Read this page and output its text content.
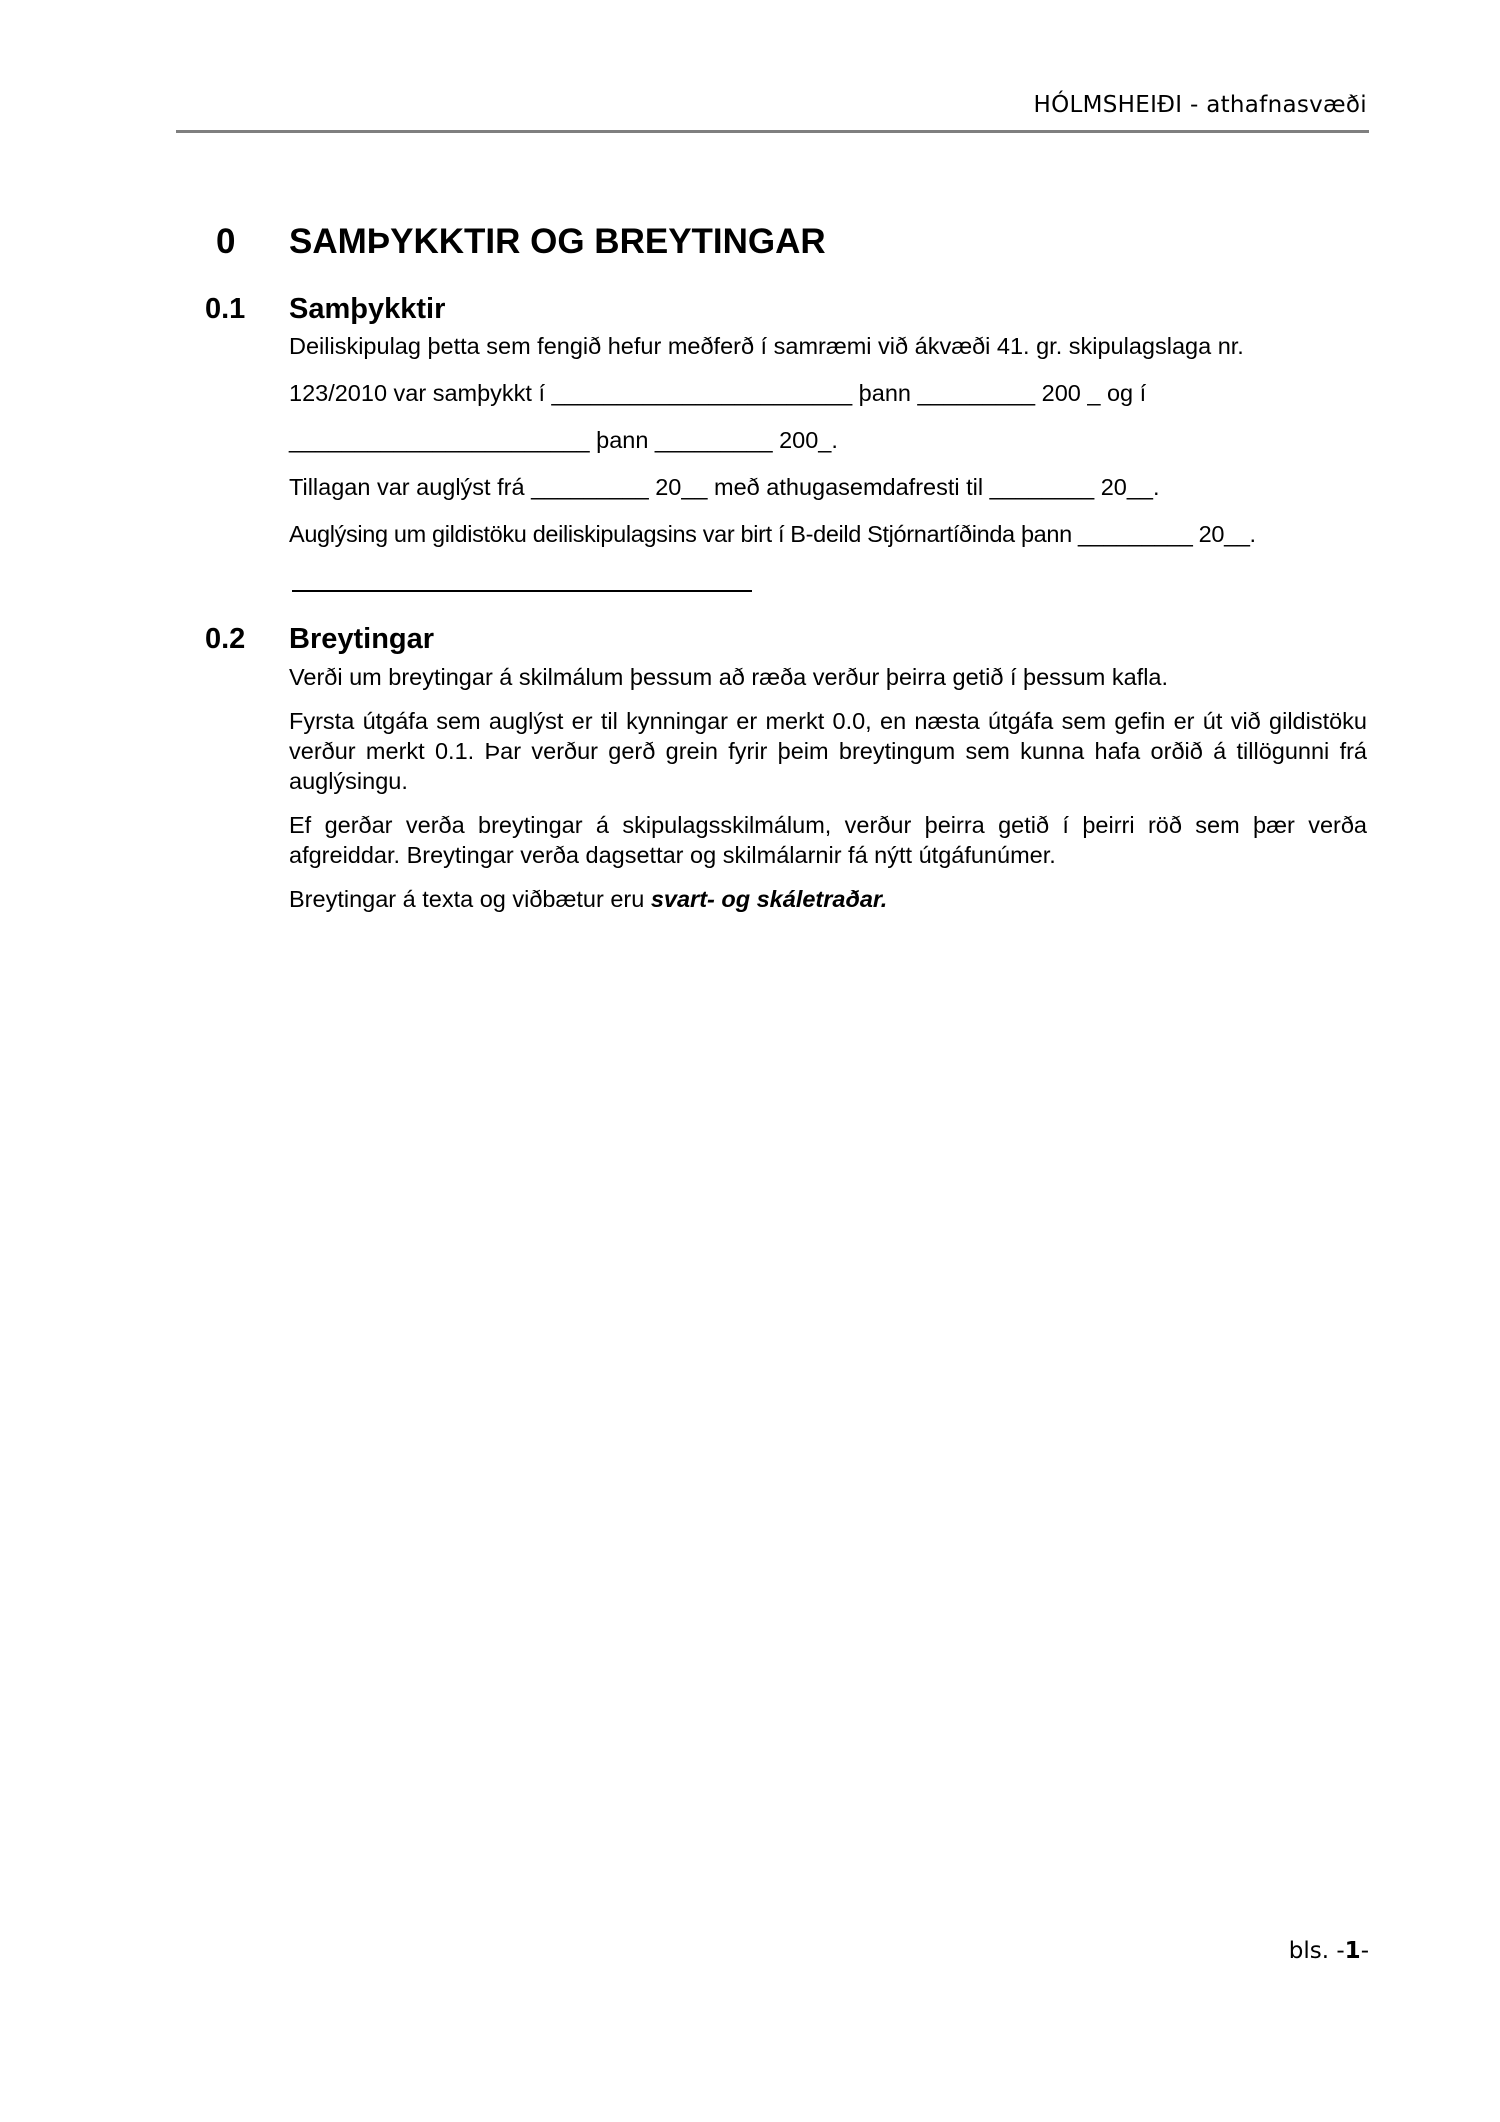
HÓLMSHEIÐI - athafnasvæði
0 SAMÞYKKTIR OG BREYTINGAR
0.1 Samþykktir
Deiliskipulag þetta sem fengið hefur meðferð í samræmi við ákvæði 41. gr. skipulagslaga nr.
123/2010 var samþykkt í _______________________ þann _________ 200 _ og í
_______________________ þann _________ 200_.
Tillagan var auglýst frá _________ 20__ með athugasemdafresti til ________ 20__.
Auglýsing um gildistöku deiliskipulagsins var birt í B-deild Stjórnartíðinda þann _________ 20__.
0.2 Breytingar

Verði um breytingar á skilmálum þessum að ræða verður þeirra getið í þessum kafla.

Fyrsta útgáfa sem auglýst er til kynningar er merkt 0.0, en næsta útgáfa sem gefin er út við gildistöku verður merkt 0.1. Þar verður gerð grein fyrir þeim breytingum sem kunna hafa orðið á tillögunni frá auglýsingu.

Ef gerðar verða breytingar á skipulagsskilmálum, verður þeirra getið í þeirri röð sem þær verða afgreiddar. Breytingar verða dagsettar og skilmálarnir fá nýtt útgáfunúmer.

Breytingar á texta og viðbætur eru svart- og skáletraðar.

bls. -1-
